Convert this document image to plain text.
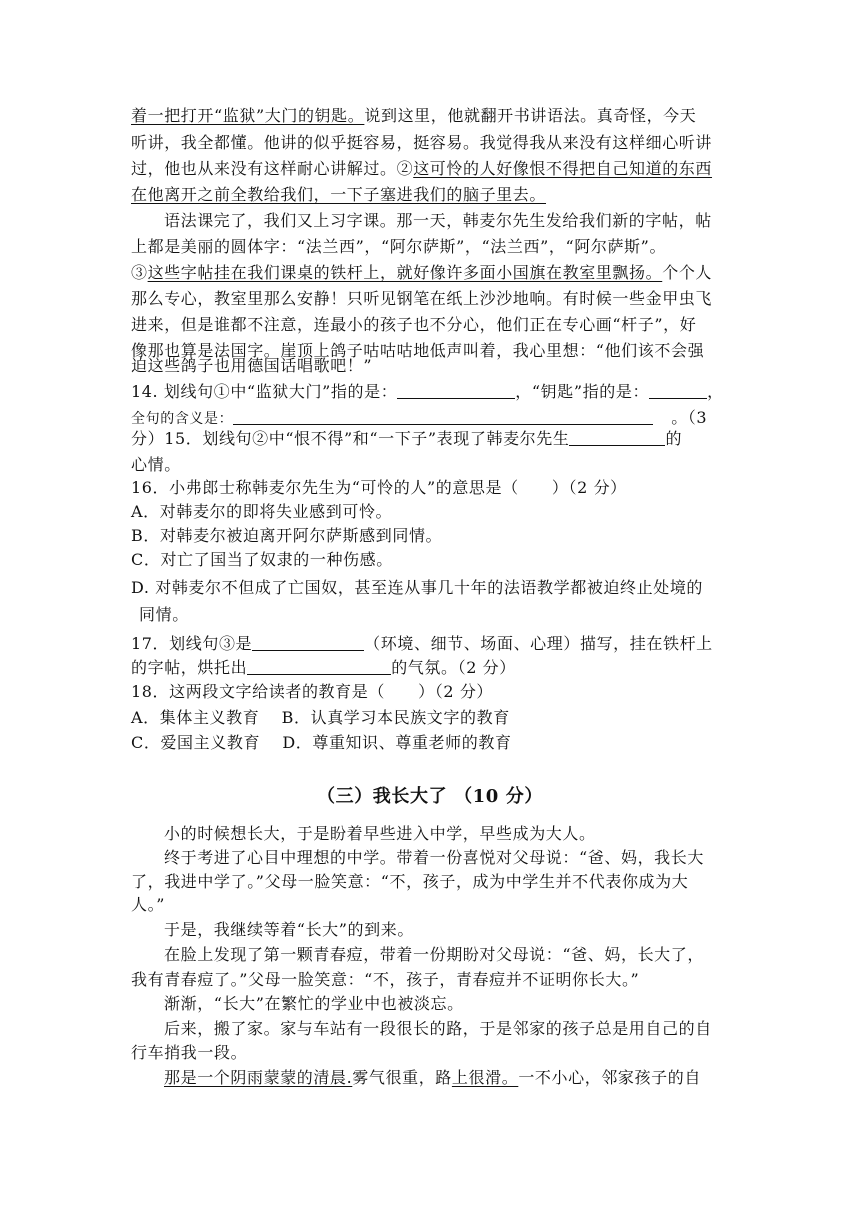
着一把打开“监狱”大门的钥匙。说到这里，他就翻开书讲语法。真奇怪，今天
听讲，我全都懂。他讲的似乎挺容易，挺容易。我觉得我从来没有这样细心听讲
过，他也从来没有这样耐心讲解过。②这可怜的人好像恨不得把自己知道的东西
在他离开之前全教给我们，一下子塞进我们的脑子里去。
语法课完了，我们又上习字课。那一天，韩麦尔先生发给我们新的字帖，帖
上都是美丽的圆体字：“法兰西”，“阿尔萨斯”，“法兰西”，“阿尔萨斯”。
③这些字帖挂在我们课桌的铁杆上，就好像许多面小国旗在教室里飘扬。个个人
那么专心，教室里那么安静！只听见钢笔在纸上沙沙地响。有时候一些金甲虫飞
进来，但是谁都不注意，连最小的孩子也不分心，他们正在专心画“杆子”，好
像那也算是法国字。崖顶上鸽子咕咕咕地低声叫着，我心里想：“他们该不会强
迫这些鸽子也用德国话唱歌吧！”
14. 划线句①中“监狱大门”指的是：	，“钥匙”指的是：	，
全句的含义是：	。（3
分）15．划线句②中“恨不得”和“一下子”表现了韩麦尔先生	的
心情。
16．小弗郎士称韩麦尔先生为“可怜的人”的意思是（　　）（2 分）
A．对韩麦尔的即将失业感到可怜。
B．对韩麦尔被迫离开阿尔萨斯感到同情。
C．对亡了国当了奴隶的一种伤感。
D. 对韩麦尔不但成了亡国奴，甚至连从事几十年的法语教学都被迫终止处境的
同情。
17．划线句③是	（环境、细节、场面、心理）描写，挂在铁杆上
的字帖，烘托出	的气氛。（2 分）
18．这两段文字给读者的教育是（　　）（2 分）
A．集体主义教育　 B．认真学习本民族文字的教育
C．爱国主义教育　 D．尊重知识、尊重老师的教育
（三）我长大了 （10 分）
小的时候想长大，于是盼着早些进入中学，早些成为大人。
终于考进了心目中理想的中学。带着一份喜悦对父母说：“爸、妈，我长大
了，我进中学了。”父母一脸笑意：“不，孩子，成为中学生并不代表你成为大
人。”
于是，我继续等着“长大”的到来。
在脸上发现了第一颗青春痘，带着一份期盼对父母说：“爸、妈，长大了，
我有青春痘了。”父母一脸笑意：“不，孩子，青春痘并不证明你长大。”
渐渐，“长大”在繁忙的学业中也被淡忘。
后来，搬了家。家与车站有一段很长的路，于是邻家的孩子总是用自己的自
行车捎我一段。
那是一个阴雨蒙蒙的清晨.雾气很重，路上很滑。一不小心，邻家孩子的自
